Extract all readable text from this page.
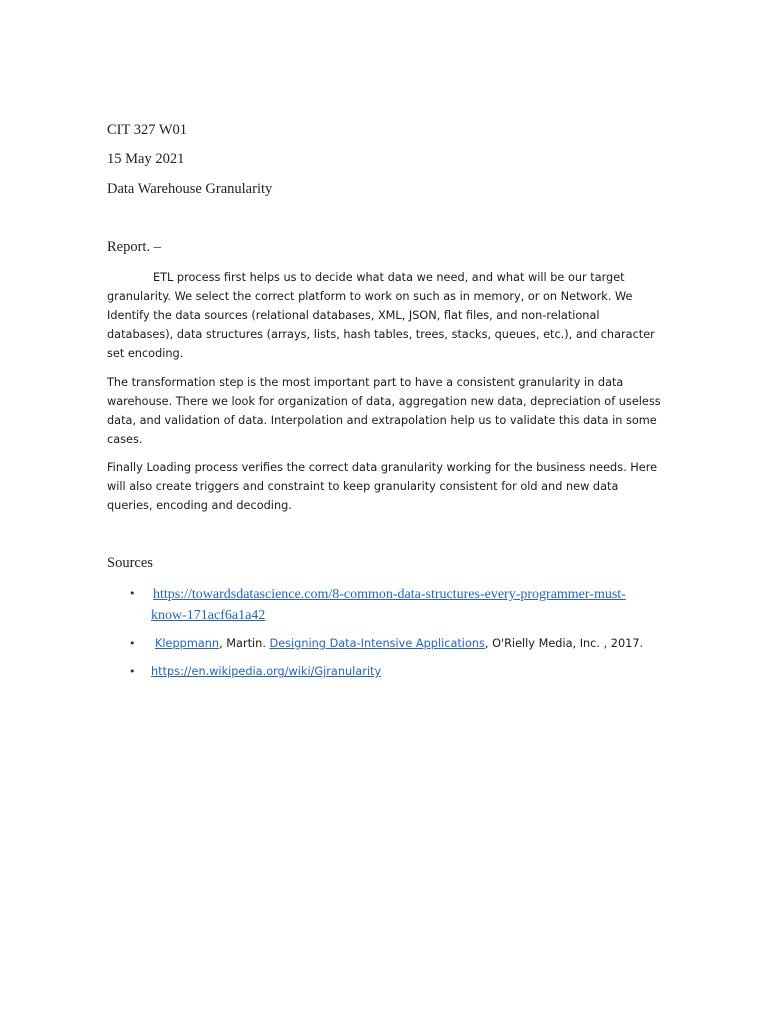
CIT 327 W01
15 May 2021
Data Warehouse Granularity
Report. –

ETL process first helps us to decide what data we need, and what will be our target granularity. We select the correct platform to work on such as in memory, or on Network. We Identify the data sources (relational databases, XML, JSON, flat files, and non-relational databases), data structures (arrays, lists, hash tables, trees, stacks, queues, etc.), and character set encoding.

The transformation step is the most important part to have a consistent granularity in data warehouse. There we look for organization of data, aggregation new data, depreciation of useless data, and validation of data. Interpolation and extrapolation help us to validate this data in some cases.

Finally Loading process verifies the correct data granularity working for the business needs. Here will also create triggers and constraint to keep granularity consistent for old and new data queries, encoding and decoding.

Sources
• https://towardsdatascience.com/8-common-data-structures-every-programmer-must-know-171acf6a1a42
•	Kleppmann, Martin. Designing Data-Intensive Applications, O'Rielly Media, Inc. , 2017.
• https://en.wikipedia.org/wiki/Gjranularity
